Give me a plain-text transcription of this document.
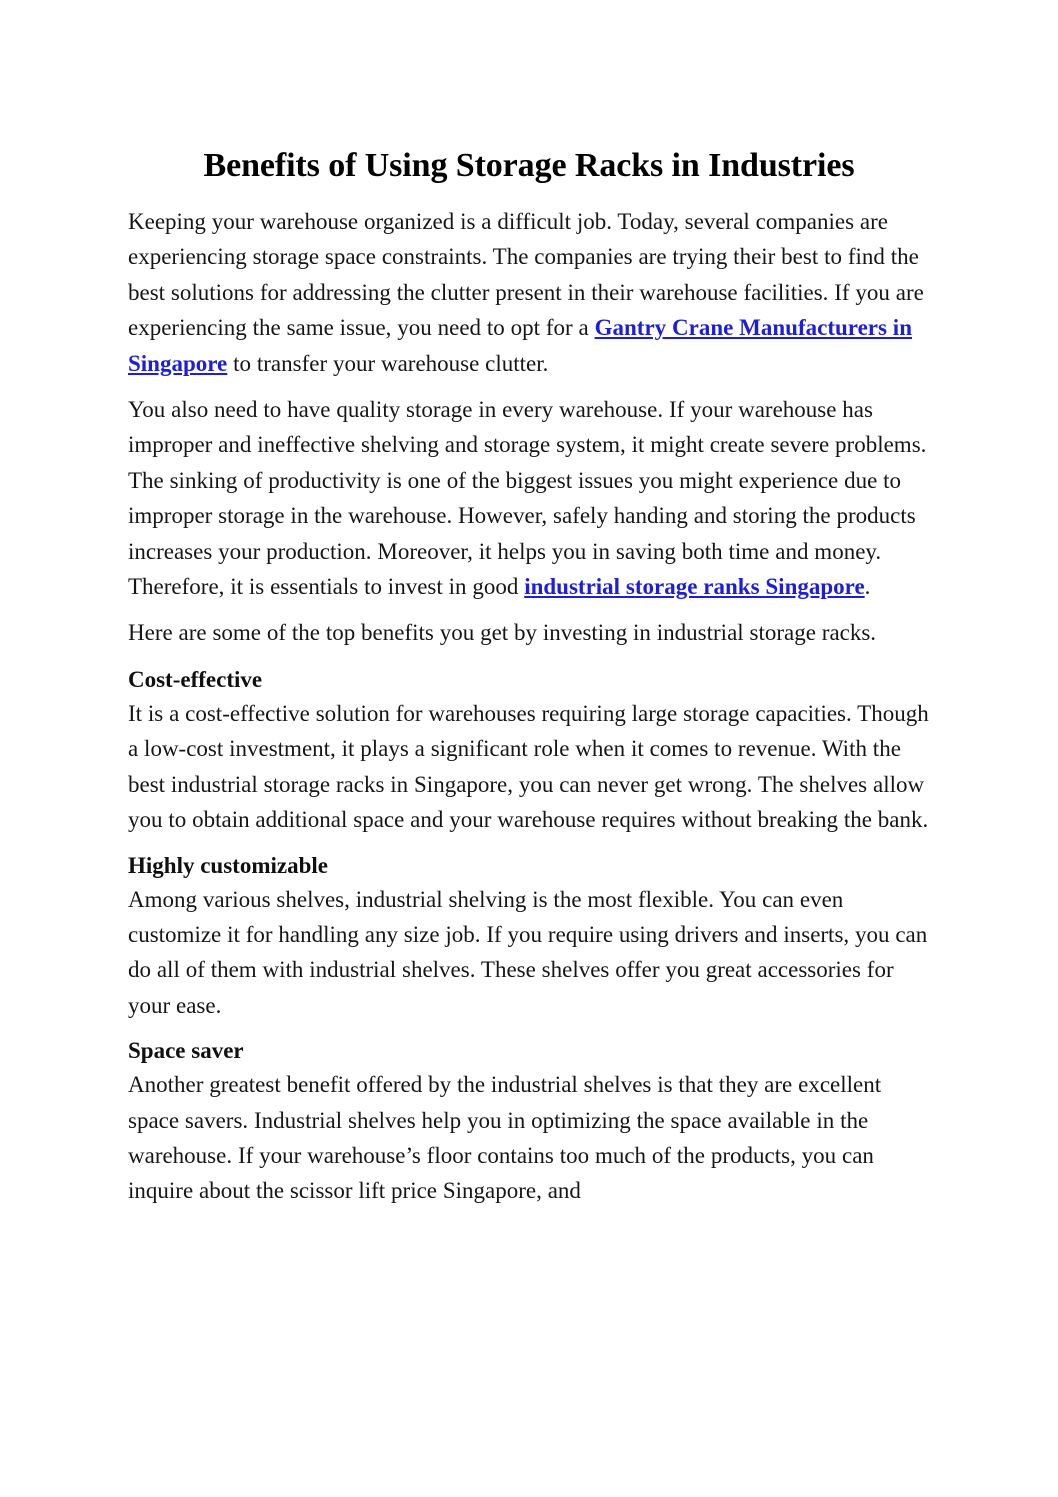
Benefits of Using Storage Racks in Industries

Keeping your warehouse organized is a difficult job. Today, several companies are experiencing storage space constraints. The companies are trying their best to find the best solutions for addressing the clutter present in their warehouse facilities. If you are experiencing the same issue, you need to opt for a Gantry Crane Manufacturers in Singapore to transfer your warehouse clutter.

You also need to have quality storage in every warehouse. If your warehouse has improper and ineffective shelving and storage system, it might create severe problems. The sinking of productivity is one of the biggest issues you might experience due to improper storage in the warehouse. However, safely handing and storing the products increases your production. Moreover, it helps you in saving both time and money. Therefore, it is essentials to invest in good industrial storage ranks Singapore.

Here are some of the top benefits you get by investing in industrial storage racks.

Cost-effective

It is a cost-effective solution for warehouses requiring large storage capacities. Though a low-cost investment, it plays a significant role when it comes to revenue. With the best industrial storage racks in Singapore, you can never get wrong. The shelves allow you to obtain additional space and your warehouse requires without breaking the bank.

Highly customizable

Among various shelves, industrial shelving is the most flexible. You can even customize it for handling any size job. If you require using drivers and inserts, you can do all of them with industrial shelves. These shelves offer you great accessories for your ease.

Space saver

Another greatest benefit offered by the industrial shelves is that they are excellent space savers. Industrial shelves help you in optimizing the space available in the warehouse. If your warehouse’s floor contains too much of the products, you can inquire about the scissor lift price Singapore, and
